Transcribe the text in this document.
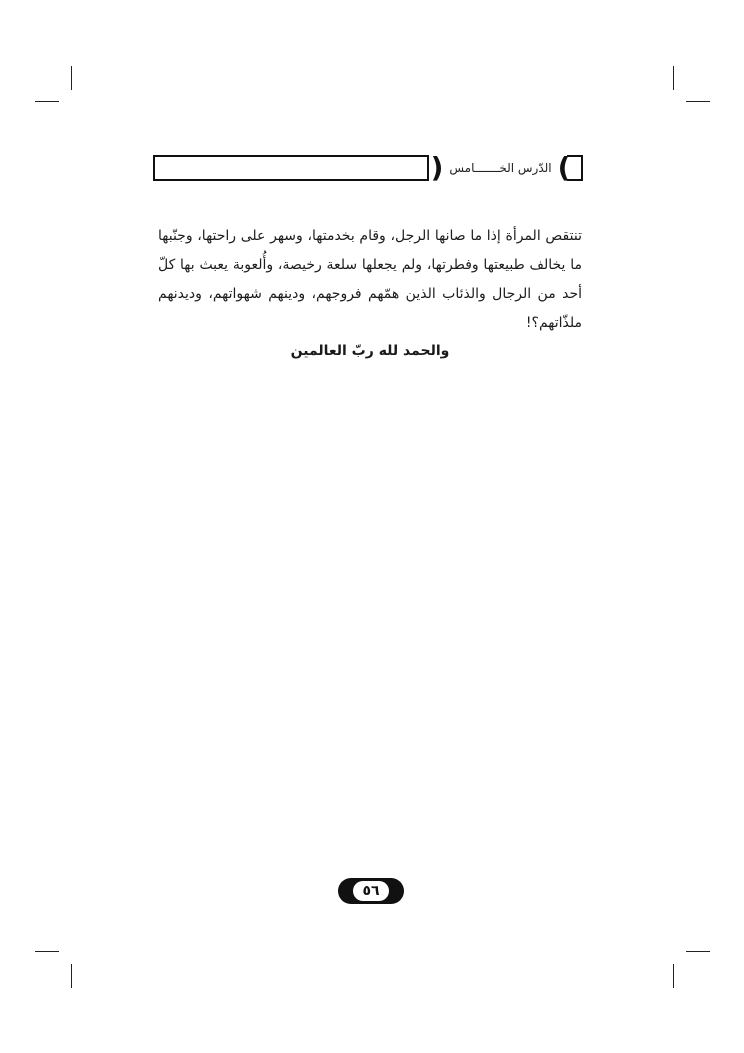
) الدّرس الخـــــــامس (
تنتقص المرأة إذا ما صانها الرجل، وقام بخدمتها، وسهر على راحتها، وجنّبها ما يخالف طبيعتها وفطرتها، ولم يجعلها سلعة رخيصة، وأُلعوبة يعبث بها كلّ أحد من الرجال والذئاب الذين همّهم فروجهم، ودينهم شهواتهم، وديدنهم ملذّاتهم؟!
والحمد لله ربّ العالمين
٥٦
